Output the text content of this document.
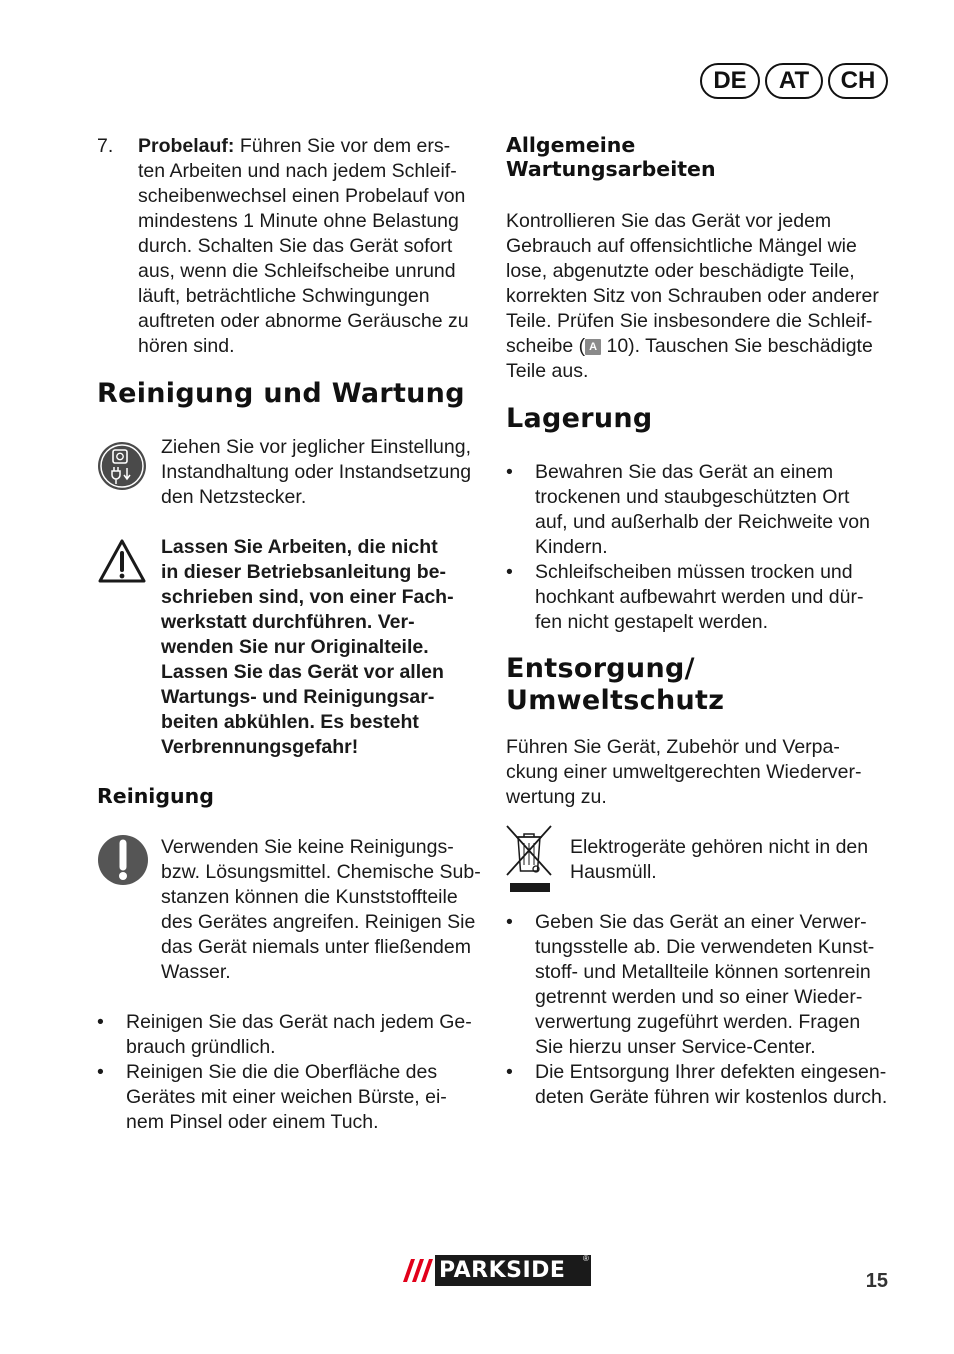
DE	AT	CH
7. Probelauf: Führen Sie vor dem ers-
ten Arbeiten und nach jedem Schleif-
scheibenwechsel einen Probelauf von
mindestens 1 Minute ohne Belastung
durch. Schalten Sie das Gerät sofort
aus, wenn die Schleifscheibe unrund
läuft, beträchtliche Schwingungen
auftreten oder abnorme Geräusche zu
hören sind.
Reinigung und Wartung
Ziehen Sie vor jeglicher Einstellung,
Instandhaltung oder Instandsetzung
den Netzstecker.
Lassen Sie Arbeiten, die nicht
in dieser Betriebsanleitung be-
schrieben sind, von einer Fach-
werkstatt durchführen. Ver-
wenden Sie nur Originalteile.
Lassen Sie das Gerät vor allen
Wartungs- und Reinigungsar-
beiten abkühlen. Es besteht
Verbrennungsgefahr!
Reinigung
Verwenden Sie keine Reinigungs-
bzw. Lösungsmittel. Chemische Sub-
stanzen können die Kunststoffteile
des Gerätes angreifen. Reinigen Sie
das Gerät niemals unter fließendem
Wasser.
• Reinigen Sie das Gerät nach jedem Ge-
brauch gründlich.
• Reinigen Sie die die Oberfläche des
Gerätes mit einer weichen Bürste, ei-
nem Pinsel oder einem Tuch.
Allgemeine
Wartungsarbeiten
Kontrollieren Sie das Gerät vor jedem
Gebrauch auf offensichtliche Mängel wie
lose, abgenutzte oder beschädigte Teile,
korrekten Sitz von Schrauben oder anderer
Teile. Prüfen Sie insbesondere die Schleif-
scheibe ( A 10). Tauschen Sie beschädigte
Teile aus.
Lagerung
• Bewahren Sie das Gerät an einem
trockenen und staubgeschützten Ort
auf, und außerhalb der Reichweite von
Kindern.
• Schleifscheiben müssen trocken und
hochkant aufbewahrt werden und dür-
fen nicht gestapelt werden.
Entsorgung/
Umweltschutz
Führen Sie Gerät, Zubehör und Verpa-
ckung einer umweltgerechten Wiederver-
wertung zu.
Elektrogeräte gehören nicht in den
Hausmüll.
• Geben Sie das Gerät an einer Verwer-
tungsstelle ab. Die verwendeten Kunst-
stoff- und Metallteile können sortenrein
getrennt werden und so einer Wieder-
verwertung zugeführt werden. Fragen
Sie hierzu unser Service-Center.
• Die Entsorgung Ihrer defekten eingesen-
deten Geräte führen wir kostenlos durch.
PARKSIDE ®
15
